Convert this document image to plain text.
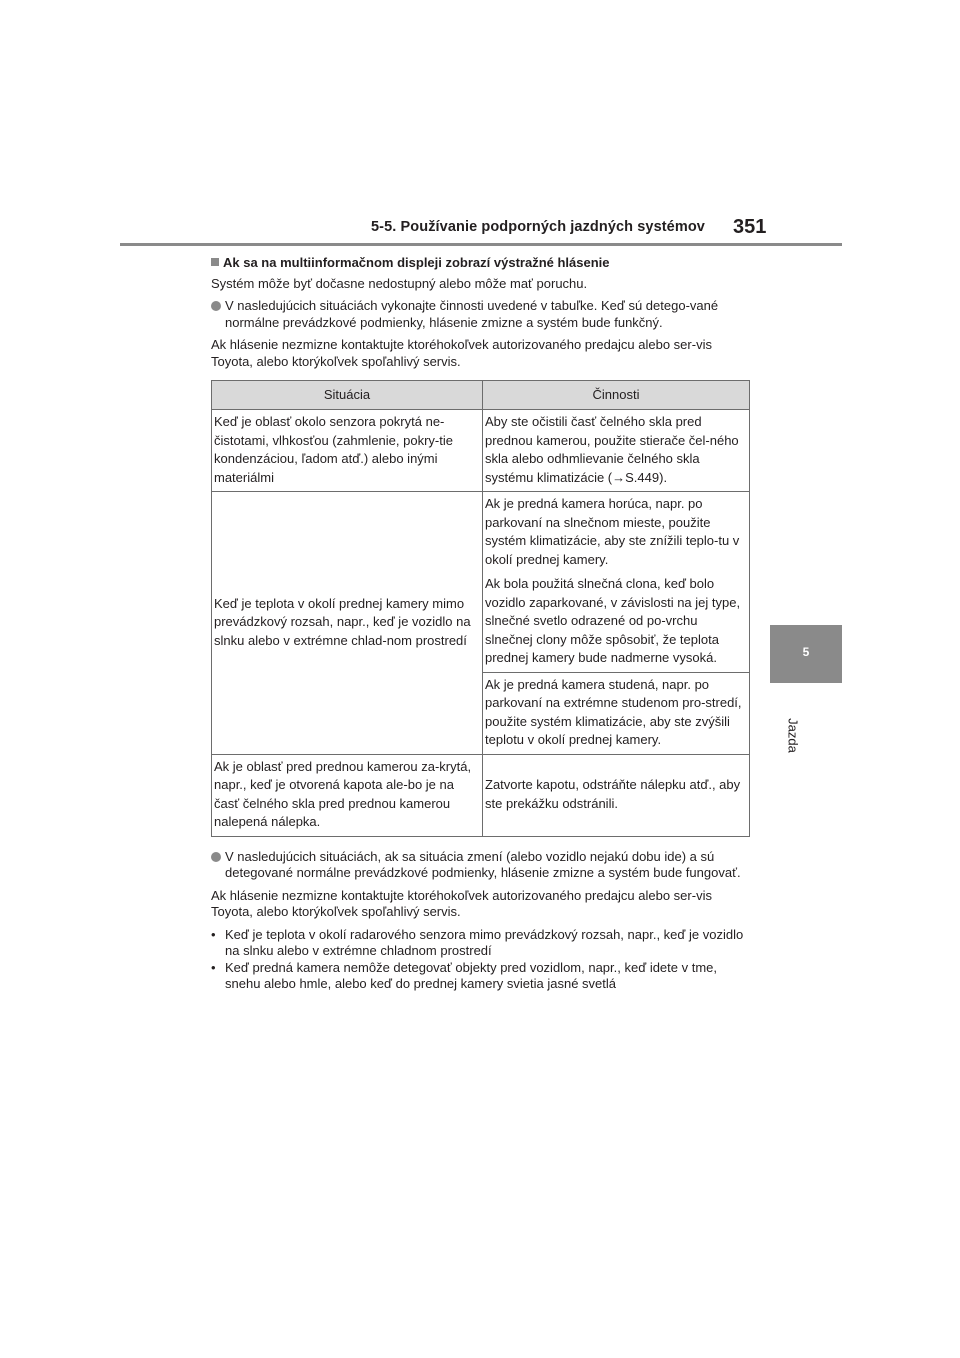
5-5. Používanie podporných jazdných systémov 351
5
Jazda
Ak sa na multiinformačnom displeji zobrazí výstražné hlásenie

Systém môže byť dočasne nedostupný alebo môže mať poruchu.

V nasledujúcich situáciách vykonajte činnosti uvedené v tabuľke. Keď sú detego-vané normálne prevádzkové podmienky, hlásenie zmizne a systém bude funkčný.

Ak hlásenie nezmizne kontaktujte ktoréhokoľvek autorizovaného predajcu alebo ser-vis Toyota, alebo ktorýkoľvek spoľahlivý servis.

Situácia	Činnosti
Keď je oblasť okolo senzora pokrytá ne-čistotami, vlhkosťou (zahmlenie, pokry-tie kondenzáciou, ľadom atď.) alebo inými materiálmi	Aby ste očistili časť čelného skla pred prednou kamerou, použite stierače čel-ného skla alebo odhmlievanie čelného skla systému klimatizácie (→S.449).
Keď je teplota v okolí prednej kamery mimo prevádzkový rozsah, napr., keď je vozidlo na slnku alebo v extrémne chlad-nom prostredí	Ak je predná kamera horúca, napr. po parkovaní na slnečnom mieste, použite systém klimatizácie, aby ste znížili teplo-tu v okolí prednej kamery.
Ak bola použitá slnečná clona, keď bolo vozidlo zaparkované, v závislosti na jej type, slnečné svetlo odrazené od po-vrchu slnečnej clony môže spôsobiť, že teplota prednej kamery bude nadmerne vysoká.

	Ak je predná kamera studená, napr. po parkovaní na extrémne studenom pro-stredí, použite systém klimatizácie, aby ste zvýšili teplotu v okolí prednej kamery.
Ak je oblasť pred prednou kamerou za-krytá, napr., keď je otvorená kapota ale-bo je na časť čelného skla pred prednou kamerou nalepená nálepka.	Zatvorte kapotu, odstráňte nálepku atď., aby ste prekážku odstránili.
V nasledujúcich situáciách, ak sa situácia zmení (alebo vozidlo nejakú dobu ide) a sú detegované normálne prevádzkové podmienky, hlásenie zmizne a systém bude fungovať.

Ak hlásenie nezmizne kontaktujte ktoréhokoľvek autorizovaného predajcu alebo ser-vis Toyota, alebo ktorýkoľvek spoľahlivý servis.

• Keď je teplota v okolí radarového senzora mimo prevádzkový rozsah, napr., keď je vozidlo na slnku alebo v extrémne chladnom prostredí
• Keď predná kamera nemôže detegovať objekty pred vozidlom, napr., keď idete v tme, snehu alebo hmle, alebo keď do prednej kamery svietia jasné svetlá
